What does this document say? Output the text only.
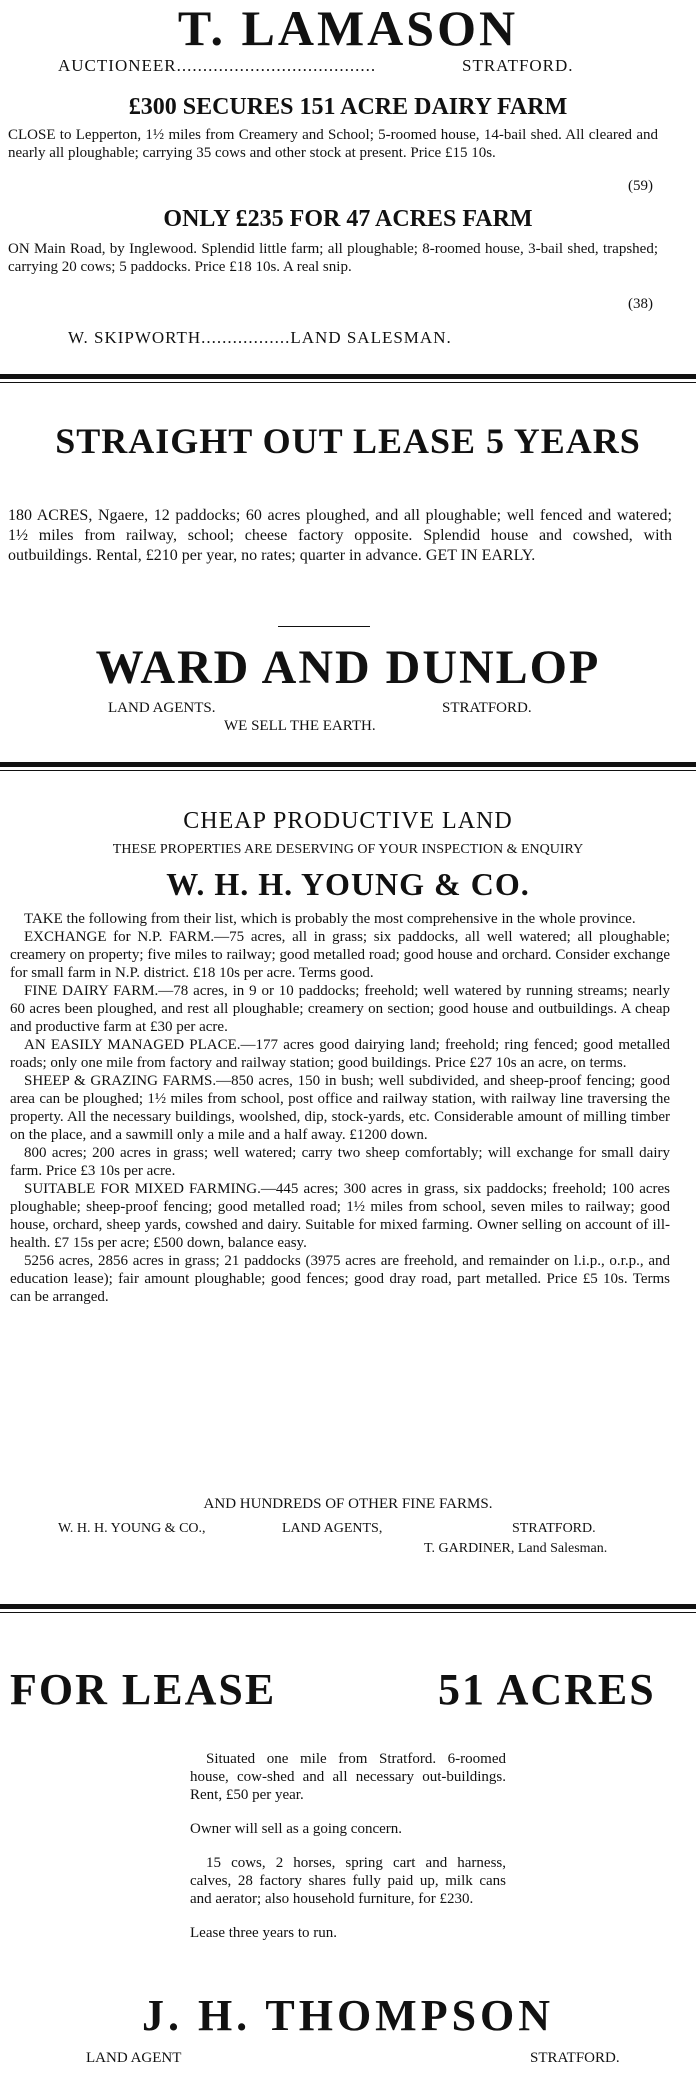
T. LAMASON
AUCTIONEER......................................	STRATFORD.
£300 SECURES 151 ACRE DAIRY FARM

CLOSE to Lepperton, 1½ miles from Creamery and School; 5-roomed house, 14-bail shed. All cleared and nearly all ploughable; carrying 35 cows and other stock at present. Price £15 10s.

(59)
ONLY £235 FOR 47 ACRES FARM

ON Main Road, by Inglewood. Splendid little farm; all ploughable; 8-roomed house, 3-bail shed, trapshed; carrying 20 cows; 5 paddocks. Price £18 10s. A real snip.

(38)
W. SKIPWORTH.................LAND SALESMAN.
STRAIGHT OUT LEASE 5 YEARS

180 ACRES, Ngaere, 12 paddocks; 60 acres ploughed, and all ploughable; well fenced and watered; 1½ miles from railway, school; cheese factory opposite. Splendid house and cowshed, with outbuildings. Rental, £210 per year, no rates; quarter in advance. GET IN EARLY.

WARD AND DUNLOP
LAND AGENTS.	STRATFORD.
WE SELL THE EARTH.
CHEAP PRODUCTIVE LAND
THESE PROPERTIES ARE DESERVING OF YOUR INSPECTION & ENQUIRY
W. H. H. YOUNG & CO.

TAKE the following from their list, which is probably the most comprehensive in the whole province.

EXCHANGE for N.P. FARM.—75 acres, all in grass; six paddocks, all well watered; all ploughable; creamery on property; five miles to railway; good metalled road; good house and orchard. Consider exchange for small farm in N.P. district. £18 10s per acre. Terms good.

FINE DAIRY FARM.—78 acres, in 9 or 10 paddocks; freehold; well watered by running streams; nearly 60 acres been ploughed, and rest all ploughable; creamery on section; good house and outbuildings. A cheap and productive farm at £30 per acre.

AN EASILY MANAGED PLACE.—177 acres good dairying land; freehold; ring fenced; good metalled roads; only one mile from factory and railway station; good buildings. Price £27 10s an acre, on terms.

SHEEP & GRAZING FARMS.—850 acres, 150 in bush; well subdivided, and sheep-proof fencing; good area can be ploughed; 1½ miles from school, post office and railway station, with railway line traversing the property. All the necessary buildings, woolshed, dip, stock-yards, etc. Considerable amount of milling timber on the place, and a sawmill only a mile and a half away. £1200 down.

800 acres; 200 acres in grass; well watered; carry two sheep comfortably; will exchange for small dairy farm. Price £3 10s per acre.

SUITABLE FOR MIXED FARMING.—445 acres; 300 acres in grass, six paddocks; freehold; 100 acres ploughable; sheep-proof fencing; good metalled road; 1½ miles from school, seven miles to railway; good house, orchard, sheep yards, cowshed and dairy. Suitable for mixed farming. Owner selling on account of ill-health. £7 15s per acre; £500 down, balance easy.

5256 acres, 2856 acres in grass; 21 paddocks (3975 acres are freehold, and remainder on l.i.p., o.r.p., and education lease); fair amount ploughable; good fences; good dray road, part metalled. Price £5 10s. Terms can be arranged.

AND HUNDREDS OF OTHER FINE FARMS.
W. H. H. YOUNG & CO.,	LAND AGENTS,	STRATFORD.
T. GARDINER, Land Salesman.
FOR LEASE	51 ACRES

Situated one mile from Stratford. 6-roomed house, cow-shed and all necessary out-buildings. Rent, £50 per year.

Owner will sell as a going concern.

15 cows, 2 horses, spring cart and harness, calves, 28 factory shares fully paid up, milk cans and aerator; also household furniture, for £230.

Lease three years to run.

J. H. THOMPSON
LAND AGENT	STRATFORD.
